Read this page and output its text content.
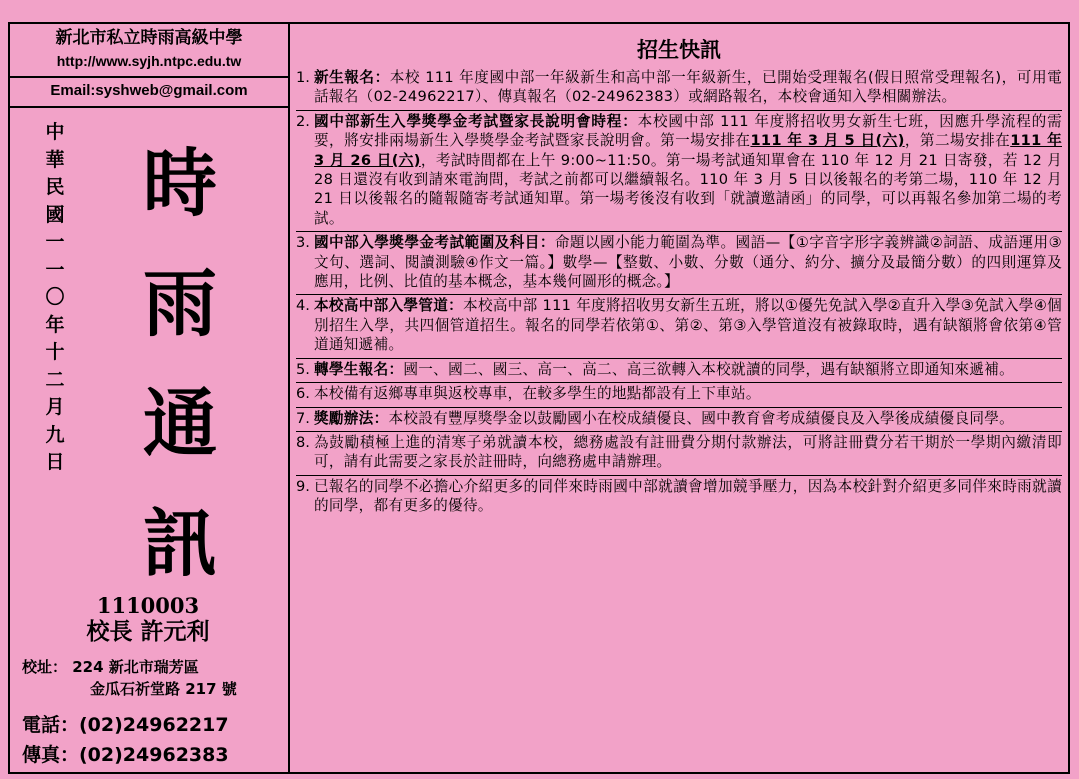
新北市私立時雨高級中學
http://www.syjh.ntpc.edu.tw
Email:syshweb@gmail.com
中
華
民
國
一
一
〇
年
十
二
月
九
日
時
雨
通
訊
1110003
校長 許元利
校址： 224 新北市瑞芳區
金瓜石祈堂路 217 號
電話：(02)24962217
傳真：(02)24962383
招生快訊
1. 新生報名：本校 111 年度國中部一年級新生和高中部一年級新生，已開始受理報名(假日照常受理報名)，可用電話報名（02-24962217）、傳真報名（02-24962383）或網路報名，本校會通知入學相關辦法。
2. 國中部新生入學獎學金考試暨家長說明會時程：本校國中部 111 年度將招收男女新生七班，因應升學流程的需要，將安排兩場新生入學獎學金考試暨家長說明會。第一場安排在111 年 3 月 5 日(六)，第二場安排在111 年 3 月 26 日(六)，考試時間都在上午 9:00~11:50。第一場考試通知單會在 110 年 12 月 21 日寄發，若 12 月 28 日還沒有收到請來電詢問，考試之前都可以繼續報名。110 年 3 月 5 日以後報名的考第二場，110 年 12 月 21 日以後報名的隨報隨寄考試通知單。第一場考後沒有收到「就讀邀請函」的同學，可以再報名參加第二場的考試。
3. 國中部入學獎學金考試範圍及科目：命題以國小能力範圍為準。國語—【①字音字形字義辨識②詞語、成語運用③文句、選詞、閱讀測驗④作文一篇。】數學—【整數、小數、分數（通分、約分、擴分及最簡分數）的四則運算及應用，比例、比值的基本概念，基本幾何圖形的概念。】
4. 本校高中部入學管道：本校高中部 111 年度將招收男女新生五班，將以①優先免試入學②直升入學③免試入學④個別招生入學，共四個管道招生。報名的同學若依第①、第②、第③入學管道沒有被錄取時，遇有缺額將會依第④管道通知遞補。
5. 轉學生報名：國一、國二、國三、高一、高二、高三欲轉入本校就讀的同學，遇有缺額將立即通知來遞補。
6. 本校備有返鄉專車與返校專車，在較多學生的地點都設有上下車站。
7. 獎勵辦法：本校設有豐厚獎學金以鼓勵國小在校成績優良、國中教育會考成績優良及入學後成績優良同學。
8. 為鼓勵積極上進的清寒子弟就讀本校，總務處設有註冊費分期付款辦法，可將註冊費分若干期於一學期內繳清即可，請有此需要之家長於註冊時，向總務處申請辦理。
9. 已報名的同學不必擔心介紹更多的同伴來時雨國中部就讀會增加競爭壓力，因為本校針對介紹更多同伴來時雨就讀的同學，都有更多的優待。
